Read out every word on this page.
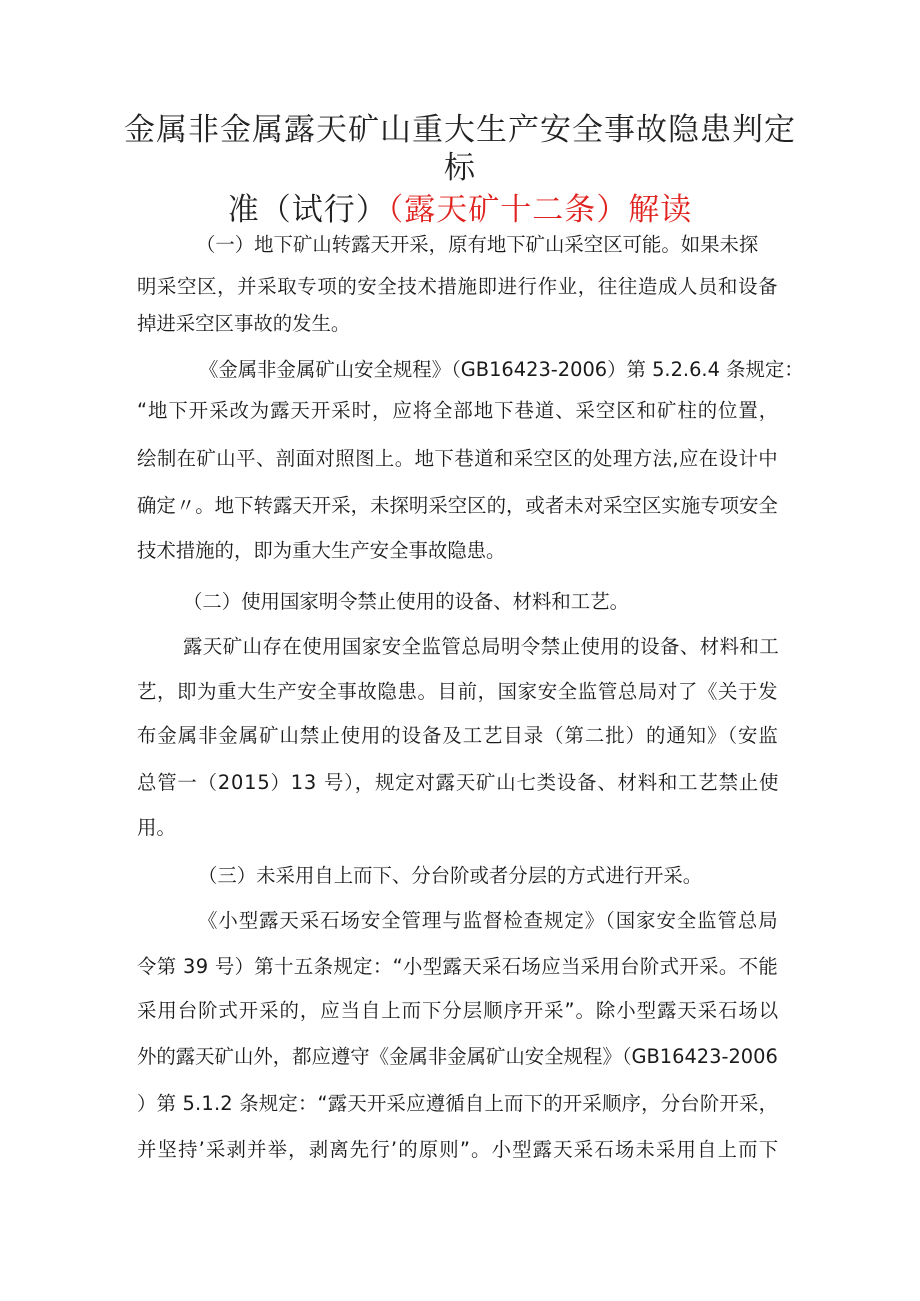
金属非金属露天矿山重大生产安全事故隐患判定标
准（试行）（露天矿十二条）解读
（一）地下矿山转露天开采，原有地下矿山采空区可能。如果未探
明采空区，并采取专项的安全技术措施即进行作业，往往造成人员和设备
掉进采空区事故的发生。
《金属非金属矿山安全规程》（GB16423-2006）第 5.2.6.4 条规定：
“地下开采改为露天开采时，应将全部地下巷道、采空区和矿柱的位置，
绘制在矿山平、剖面对照图上。地下巷道和采空区的处理方法,应在设计中
确定〃。地下转露天开采，未探明采空区的，或者未对采空区实施专项安全
技术措施的，即为重大生产安全事故隐患。
（二）使用国家明令禁止使用的设备、材料和工艺。
露天矿山存在使用国家安全监管总局明令禁止使用的设备、材料和工
艺，即为重大生产安全事故隐患。目前，国家安全监管总局对了《关于发
布金属非金属矿山禁止使用的设备及工艺目录（第二批）的通知》（安监
总管一（2015）13 号），规定对露天矿山七类设备、材料和工艺禁止使
用。
（三）未采用自上而下、分台阶或者分层的方式进行开采。
《小型露天采石场安全管理与监督检查规定》（国家安全监管总局
令第 39 号）第十五条规定：“小型露天采石场应当采用台阶式开采。不能
采用台阶式开采的，应当自上而下分层顺序开采”。除小型露天采石场以
外的露天矿山外，都应遵守《金属非金属矿山安全规程》（GB16423-2006
）第 5.1.2 条规定：“露天开采应遵循自上而下的开采顺序，分台阶开采，
并坚持’采剥并举，剥离先行’的原则”。小型露天采石场未采用自上而下
